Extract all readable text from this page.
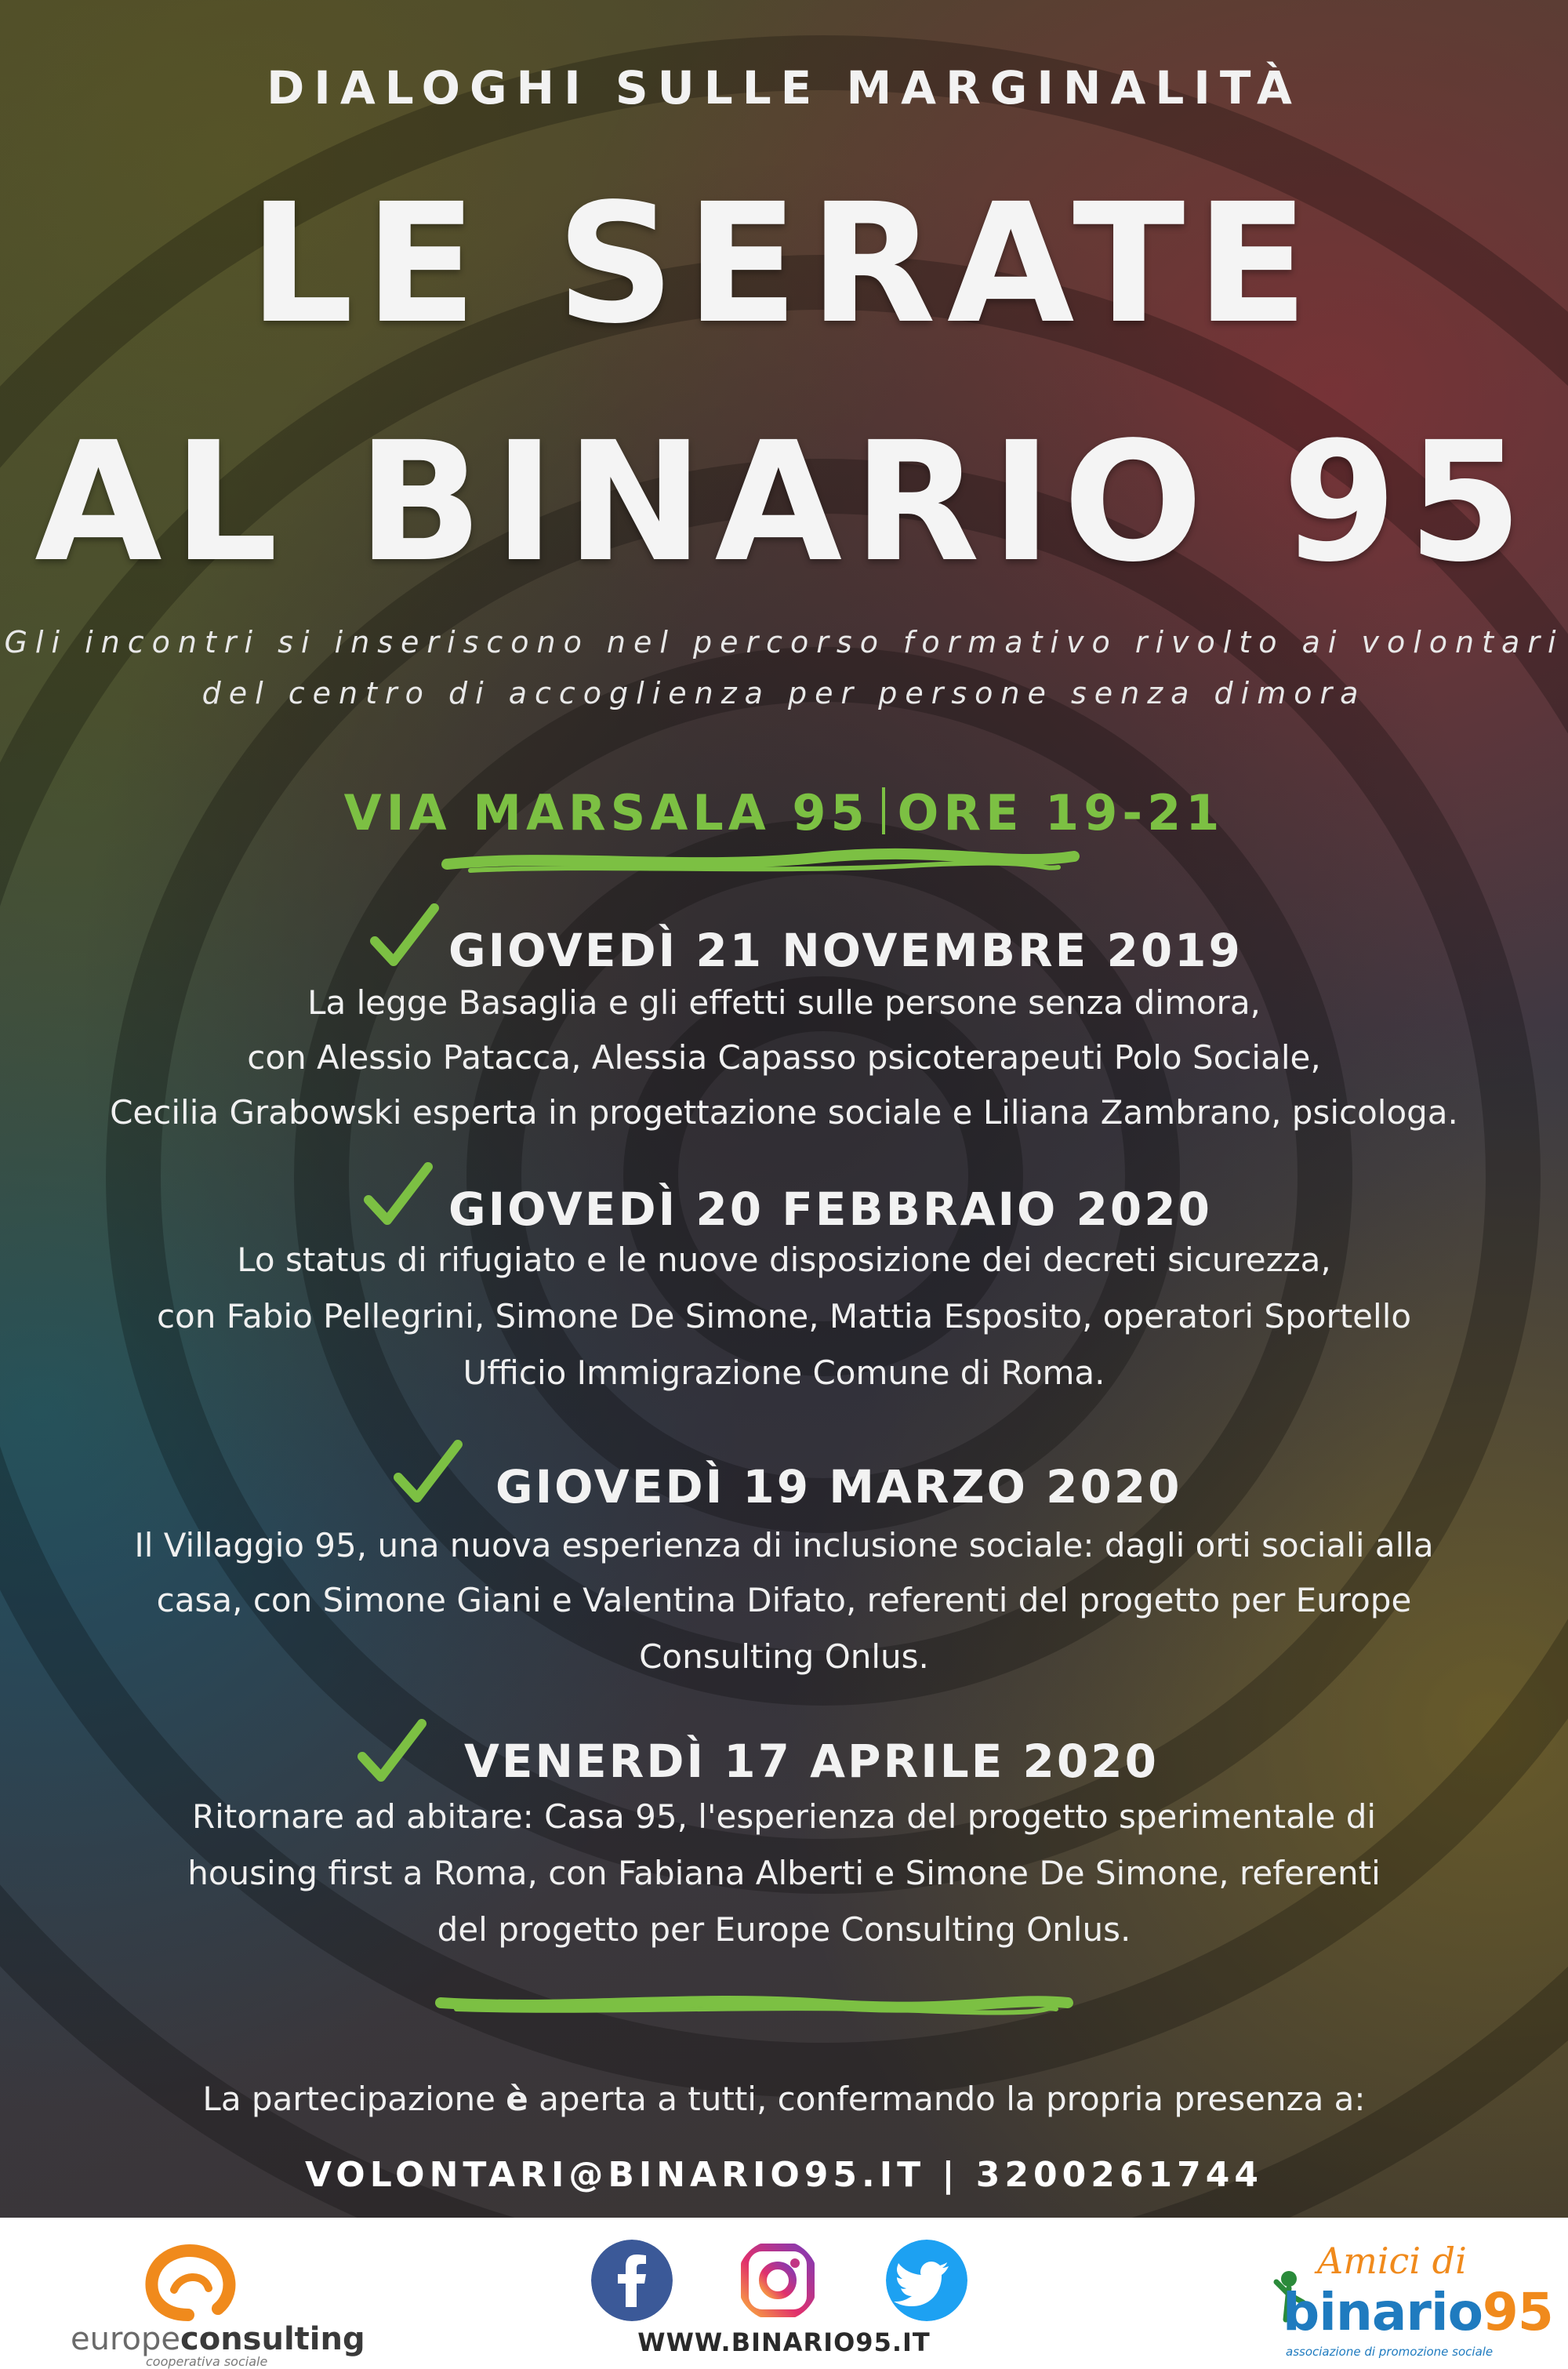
DIALOGHI SULLE MARGINALITÀ
LE SERATE
AL BINARIO 95
Gli incontri si inseriscono nel percorso formativo rivolto ai volontari
del centro di accoglienza per persone senza dimora
VIA MARSALA 95 ORE 19-21
GIOVEDÌ 21 NOVEMBRE 2019
La legge Basaglia e gli effetti sulle persone senza dimora,
con Alessio Patacca, Alessia Capasso psicoterapeuti Polo Sociale,
Cecilia Grabowski esperta in progettazione sociale e Liliana Zambrano, psicologa.
GIOVEDÌ 20 FEBBRAIO 2020
Lo status di rifugiato e le nuove disposizione dei decreti sicurezza,
con Fabio Pellegrini, Simone De Simone, Mattia Esposito, operatori Sportello
Ufficio Immigrazione Comune di Roma.
GIOVEDÌ 19 MARZO 2020
Il Villaggio 95, una nuova esperienza di inclusione sociale: dagli orti sociali alla
casa, con Simone Giani e Valentina Difato, referenti del progetto per Europe
Consulting Onlus.
VENERDÌ 17 APRILE 2020
Ritornare ad abitare: Casa 95, l'esperienza del progetto sperimentale di
housing first a Roma, con Fabiana Alberti e Simone De Simone, referenti
del progetto per Europe Consulting Onlus.
La partecipazione è aperta a tutti, confermando la propria presenza a:
VOLONTARI@BINARIO95.IT | 3200261744
europeconsulting
cooperativa sociale
WWW.BINARIO95.IT
Amici di
binario95
associazione di promozione sociale
